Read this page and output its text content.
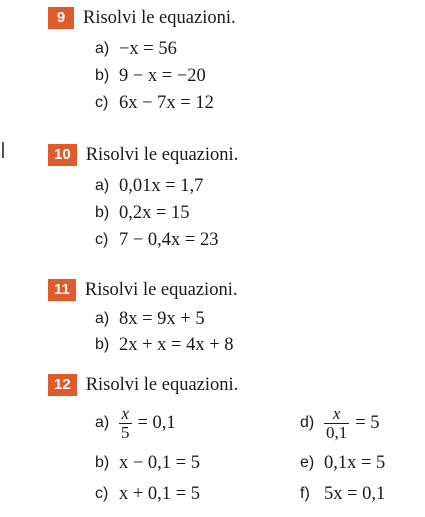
9 Risolvi le equazioni.
a) −x = 56
b) 9 − x = −20
c) 6x − 7x = 12
10 Risolvi le equazioni.
a) 0,01x = 1,7
b) 0,2x = 15
c) 7 − 0,4x = 23
11 Risolvi le equazioni.
a) 8x = 9x + 5
b) 2x + x = 4x + 8
12 Risolvi le equazioni.
$a) \frac{x}{5} = 0,1$	$d) \frac{x}{0,1} = 5$
b) x − 0,1 = 5	e) 0,1x = 5
c) x + 0,1 = 5	f) 5x = 0,1
